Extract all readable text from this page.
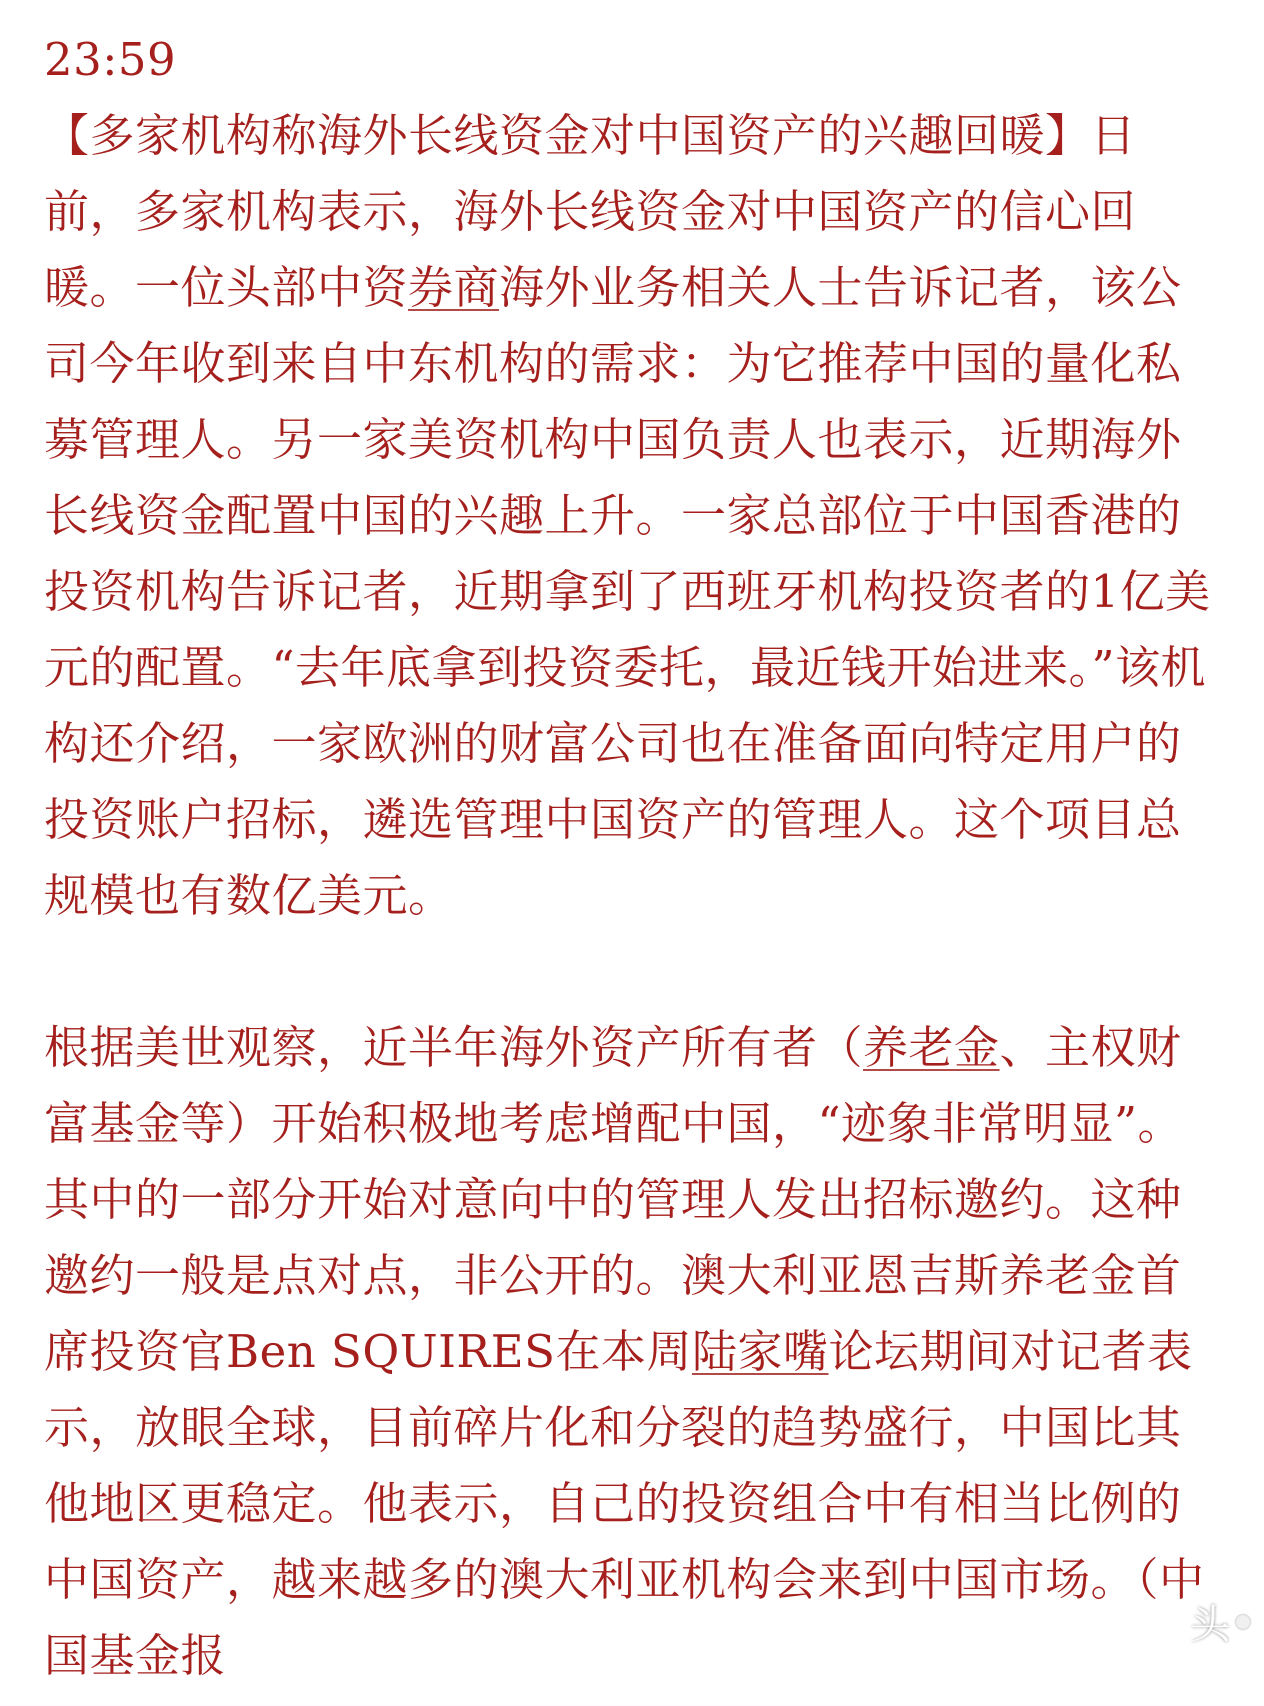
23:59 【多家机构称海外长线资金对中国资产的兴趣回暖】日前，多家机构表示，海外长线资金对中国资产的信心回暖。一位头部中资券商海外业务相关人士告诉记者，该公司今年收到来自中东机构的需求：为它推荐中国的量化私募管理人。另一家美资机构中国负责人也表示，近期海外长线资金配置中国的兴趣上升。一家总部位于中国香港的投资机构告诉记者，近期拿到了西班牙机构投资者的1亿美元的配置。“去年底拿到投资委托，最近钱开始进来。”该机构还介绍，一家欧洲的财富公司也在准备面向特定用户的投资账户招标，遴选管理中国资产的管理人。这个项目总规模也有数亿美元。

根据美世观察，近半年海外资产所有者（养老金、主权财富基金等）开始积极地考虑增配中国，“迹象非常明显”。其中的一部分开始对意向中的管理人发出招标邀约。这种邀约一般是点对点，非公开的。澳大利亚恩吉斯养老金首席投资官Ben SQUIRES在本周陆家嘴论坛期间对记者表示，放眼全球，目前碎片化和分裂的趋势盛行，中国比其他地区更稳定。他表示，自己的投资组合中有相当比例的中国资产，越来越多的澳大利亚机构会来到中国市场。（中国基金报

头
